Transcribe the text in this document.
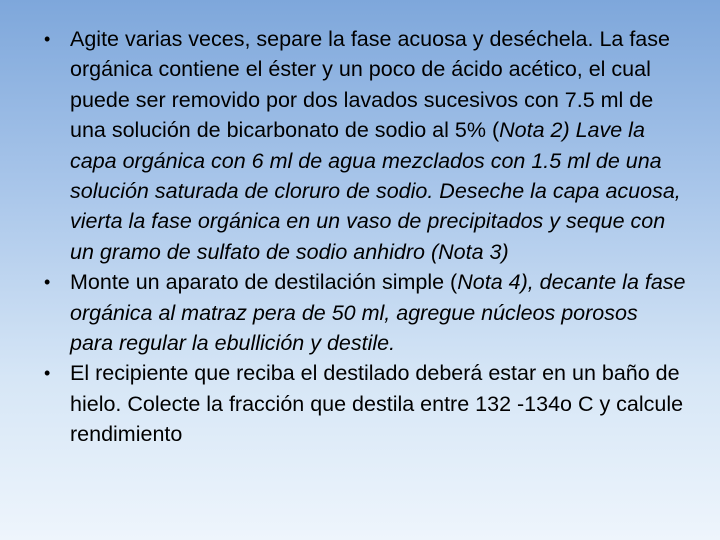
• Agite varias veces, separe la fase acuosa y deséchela. La fase orgánica contiene el éster y un poco de ácido acético, el cual puede ser removido por dos lavados sucesivos con 7.5 ml de una solución de bicarbonato de sodio al 5% (Nota 2) Lave la capa orgánica con 6 ml de agua mezclados con 1.5 ml de una solución saturada de cloruro de sodio. Deseche la capa acuosa, vierta la fase orgánica en un vaso de precipitados y seque con un gramo de sulfato de sodio anhidro (Nota 3)
• Monte un aparato de destilación simple (Nota 4), decante la fase orgánica al matraz pera de 50 ml, agregue núcleos porosos para regular la ebullición y destile.
• El recipiente que reciba el destilado deberá estar en un baño de hielo. Colecte la fracción que destila entre 132 -134o C y calcule rendimiento
